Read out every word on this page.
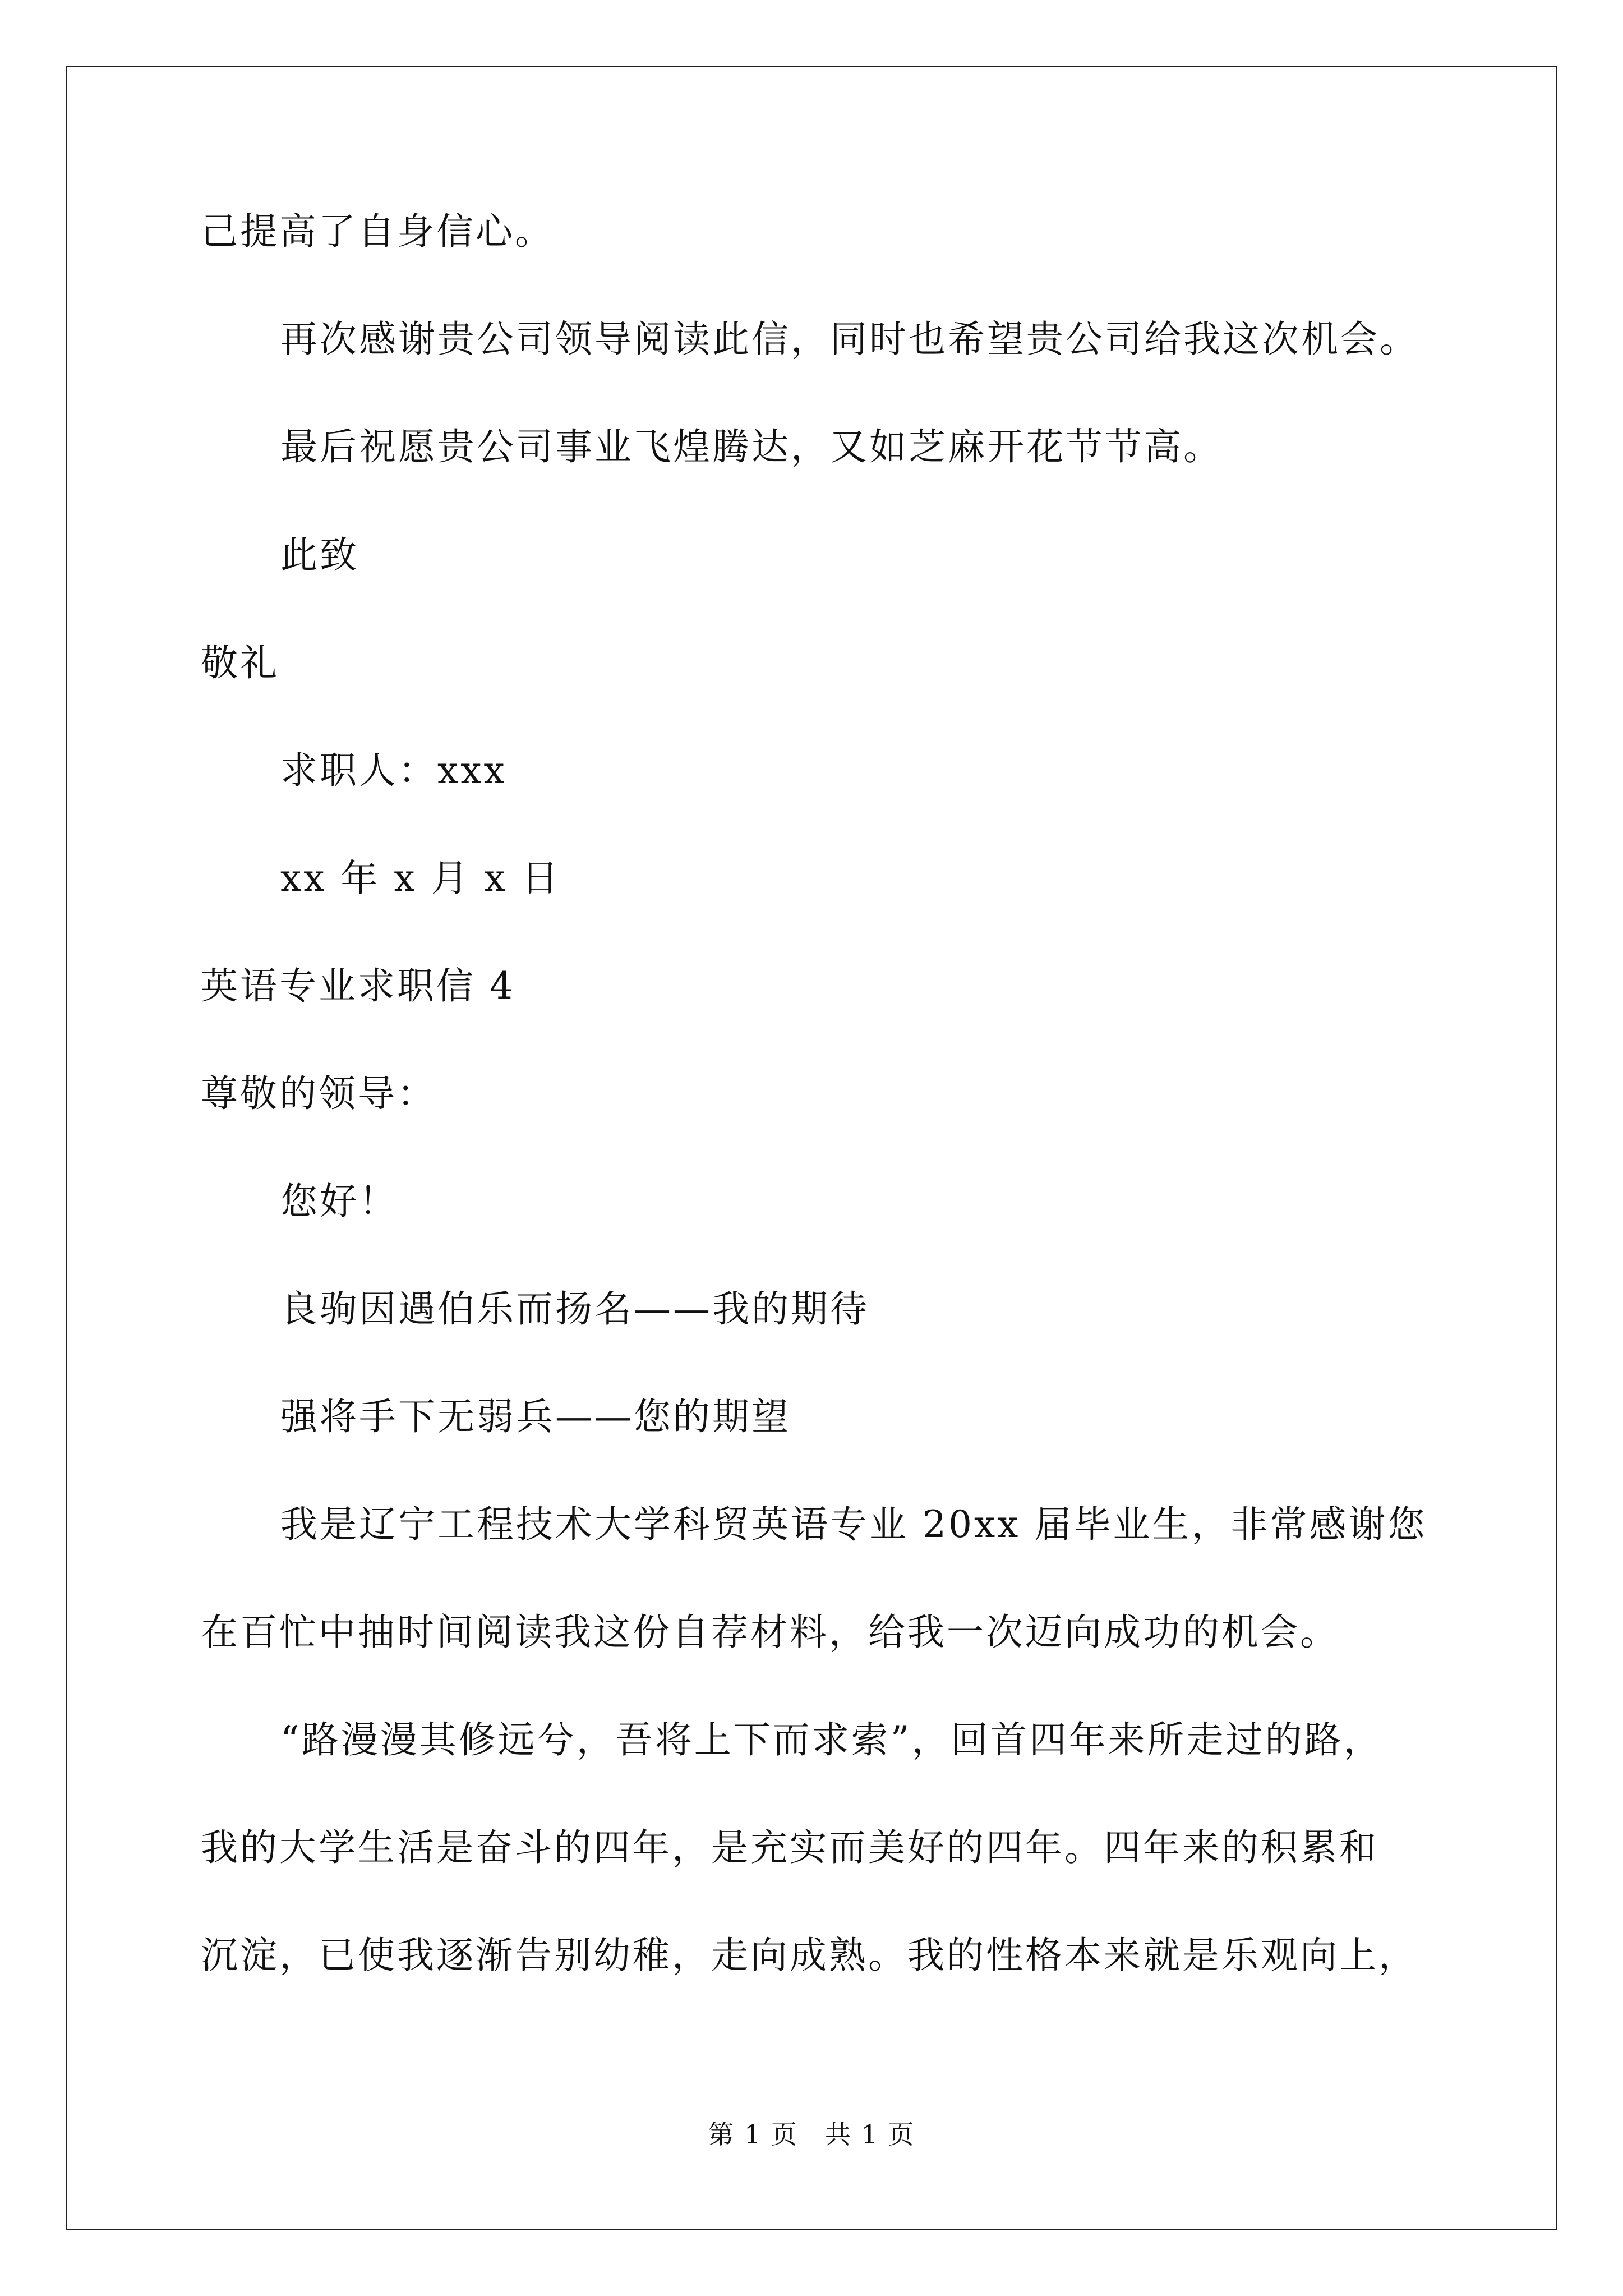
己提高了自身信心。
再次感谢贵公司领导阅读此信，同时也希望贵公司给我这次机会。
最后祝愿贵公司事业飞煌腾达，又如芝麻开花节节高。
此致
敬礼
求职人：xxx
xx 年 x 月 x 日
英语专业求职信 4
尊敬的领导：
您好！
良驹因遇伯乐而扬名——我的期待
强将手下无弱兵——您的期望
我是辽宁工程技术大学科贸英语专业 20xx 届毕业生，非常感谢您
在百忙中抽时间阅读我这份自荐材料，给我一次迈向成功的机会。
“路漫漫其修远兮，吾将上下而求索”，回首四年来所走过的路，
我的大学生活是奋斗的四年，是充实而美好的四年。四年来的积累和
沉淀，已使我逐渐告别幼稚，走向成熟。我的性格本来就是乐观向上，
第 1 页　共 1 页
